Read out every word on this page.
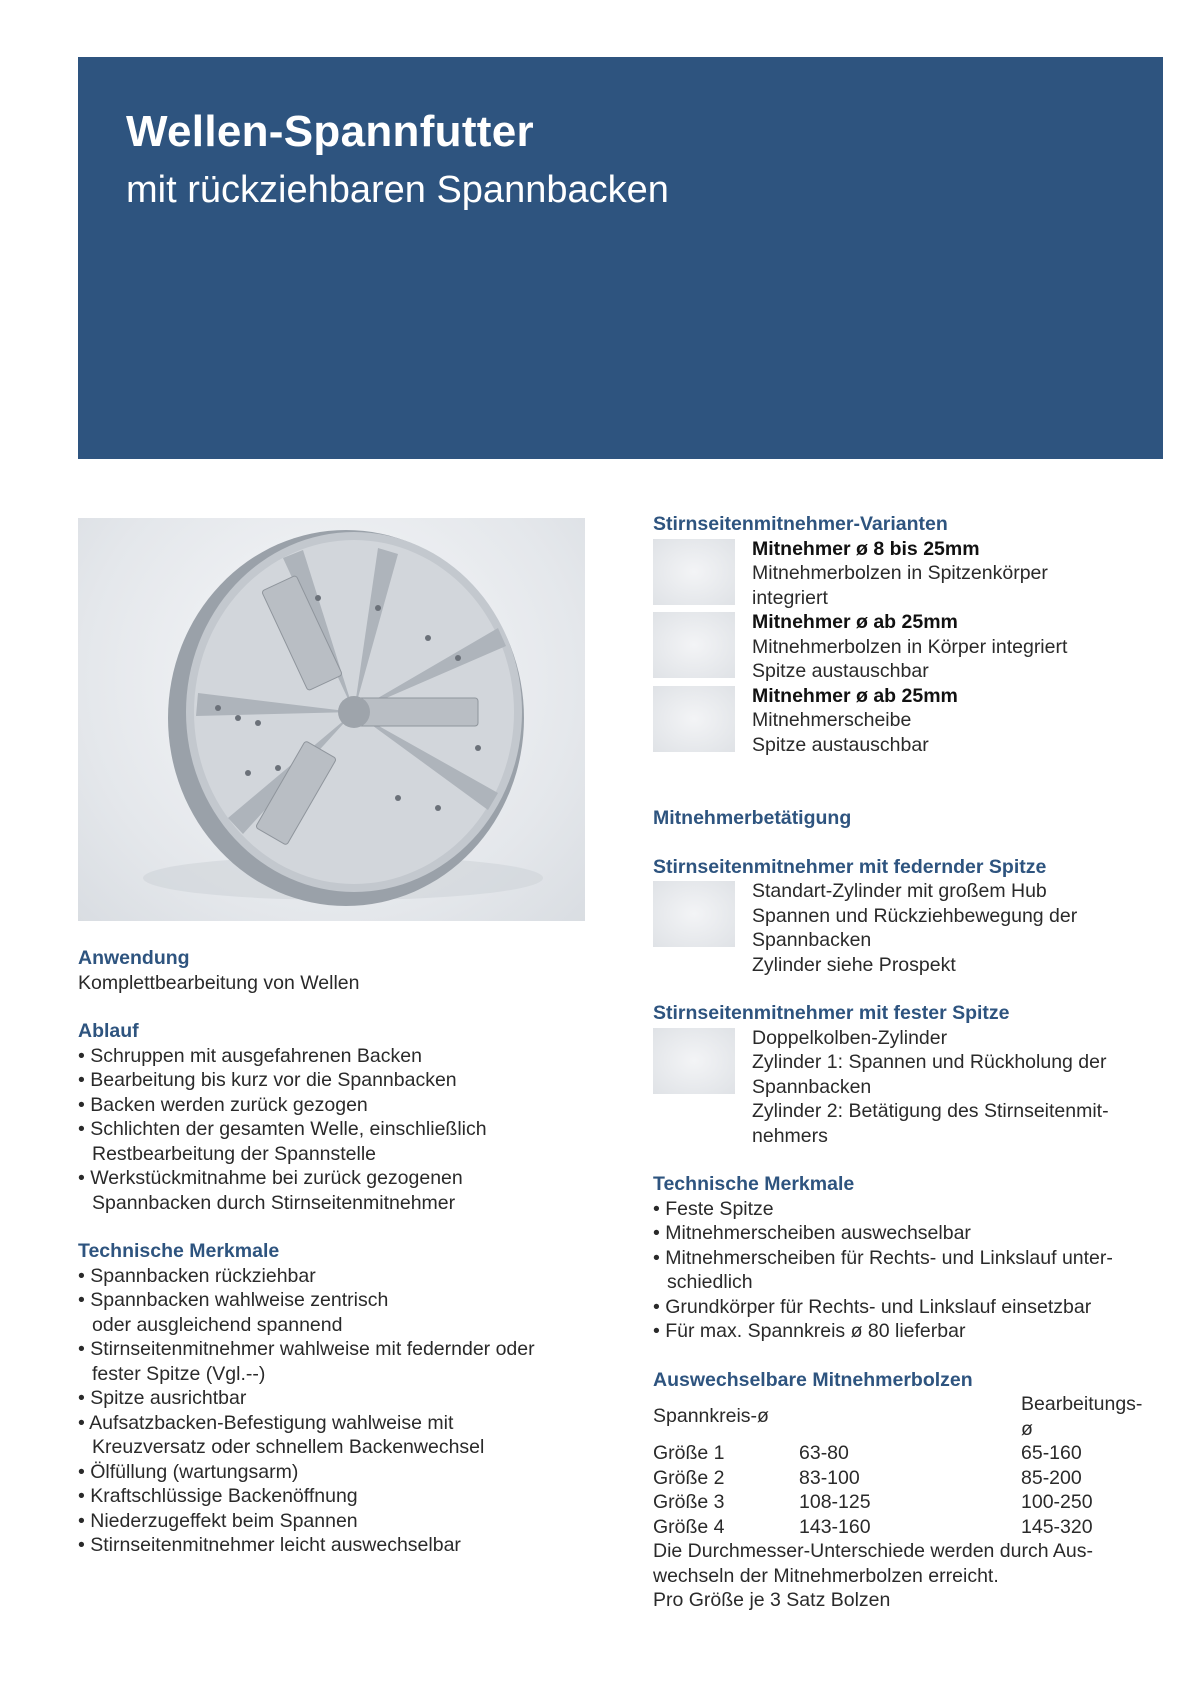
Wellen-Spannfutter
mit rückziehbaren Spannbacken
Anwendung
Komplettbearbeitung von Wellen
Ablauf
• Schruppen mit ausgefahrenen Backen
• Bearbeitung bis kurz vor die Spannbacken
• Backen werden zurück gezogen
• Schlichten der gesamten Welle, einschließlich Restbearbeitung der Spannstelle
• Werkstückmitnahme bei zurück gezogenen Spannbacken durch Stirnseitenmitnehmer
Technische Merkmale
• Spannbacken rückziehbar
• Spannbacken wahlweise zentrisch oder ausgleichend spannend
• Stirnseitenmitnehmer wahlweise mit federnder oder fester Spitze (Vgl.--)
• Spitze ausrichtbar
• Aufsatzbacken-Befestigung wahlweise mit Kreuzversatz oder schnellem Backenwechsel
• Ölfüllung (wartungsarm)
• Kraftschlüssige Backenöffnung
• Niederzugeffekt beim Spannen
• Stirnseitenmitnehmer leicht auswechselbar
Stirnseitenmitnehmer-Varianten
Mitnehmer ø 8 bis 25mm
Mitnehmerbolzen in Spitzenkörper
integriert
Mitnehmer ø ab 25mm
Mitnehmerbolzen in Körper integriert
Spitze austauschbar
Mitnehmer ø ab 25mm
Mitnehmerscheibe
Spitze austauschbar
Mitnehmerbetätigung
Stirnseitenmitnehmer mit federnder Spitze
Standart-Zylinder mit großem Hub
Spannen und Rückziehbewegung der
Spannbacken
Zylinder siehe Prospekt
Stirnseitenmitnehmer mit fester Spitze
Doppelkolben-Zylinder
Zylinder 1: Spannen und Rückholung der
Spannbacken
Zylinder 2: Betätigung des Stirnseitenmit-
nehmers
Technische Merkmale
• Feste Spitze
• Mitnehmerscheiben auswechselbar
• Mitnehmerscheiben für Rechts- und Linkslauf unter-schiedlich
• Grundkörper für Rechts- und Linkslauf einsetzbar
• Für max. Spannkreis ø 80 lieferbar
Auswechselbare Mitnehmerbolzen
Spannkreis-ø		Bearbeitungs-ø
Größe 1	63-80	65-160
Größe 2	83-100	85-200
Größe 3	108-125	100-250
Größe 4	143-160	145-320
Die Durchmesser-Unterschiede werden durch Aus-
wechseln der Mitnehmerbolzen erreicht.
Pro Größe je 3 Satz Bolzen
